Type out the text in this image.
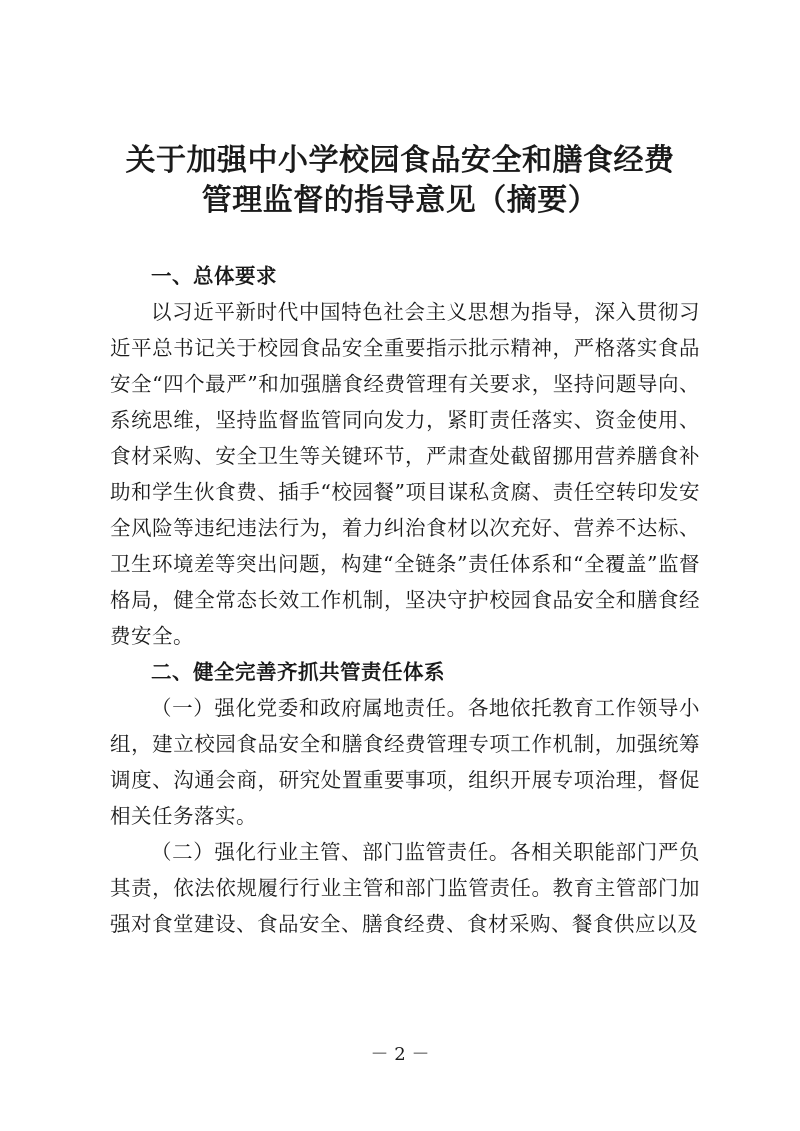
关于加强中小学校园食品安全和膳食经费
管理监督的指导意见（摘要）
一、总体要求

以习近平新时代中国特色社会主义思想为指导，深入贯彻习近平总书记关于校园食品安全重要指示批示精神，严格落实食品安全“四个最严”和加强膳食经费管理有关要求，坚持问题导向、系统思维，坚持监督监管同向发力，紧盯责任落实、资金使用、食材采购、安全卫生等关键环节，严肃查处截留挪用营养膳食补助和学生伙食费、插手“校园餐”项目谋私贪腐、责任空转印发安全风险等违纪违法行为，着力纠治食材以次充好、营养不达标、卫生环境差等突出问题，构建“全链条”责任体系和“全覆盖”监督格局，健全常态长效工作机制，坚决守护校园食品安全和膳食经费安全。

二、健全完善齐抓共管责任体系

（一）强化党委和政府属地责任。各地依托教育工作领导小组，建立校园食品安全和膳食经费管理专项工作机制，加强统筹调度、沟通会商，研究处置重要事项，组织开展专项治理，督促相关任务落实。

（二）强化行业主管、部门监管责任。各相关职能部门严负其责，依法依规履行行业主管和部门监管责任。教育主管部门加强对食堂建设、食品安全、膳食经费、食材采购、餐食供应以及

－ 2 －
